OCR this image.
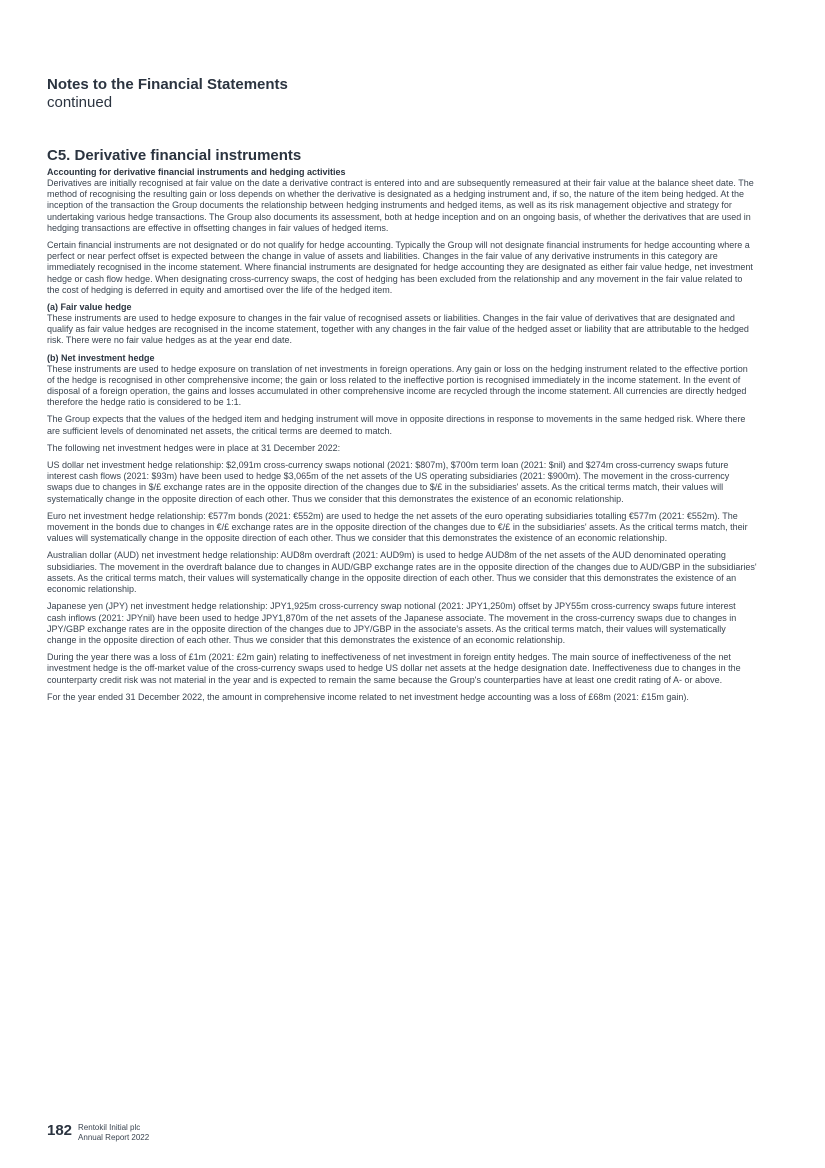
Notes to the Financial Statements
continued
C5. Derivative financial instruments
Accounting for derivative financial instruments and hedging activities

Derivatives are initially recognised at fair value on the date a derivative contract is entered into and are subsequently remeasured at their fair value at the balance sheet date. The method of recognising the resulting gain or loss depends on whether the derivative is designated as a hedging instrument and, if so, the nature of the item being hedged. At the inception of the transaction the Group documents the relationship between hedging instruments and hedged items, as well as its risk management objective and strategy for undertaking various hedge transactions. The Group also documents its assessment, both at hedge inception and on an ongoing basis, of whether the derivatives that are used in hedging transactions are effective in offsetting changes in fair values of hedged items.

Certain financial instruments are not designated or do not qualify for hedge accounting. Typically the Group will not designate financial instruments for hedge accounting where a perfect or near perfect offset is expected between the change in value of assets and liabilities. Changes in the fair value of any derivative instruments in this category are immediately recognised in the income statement. Where financial instruments are designated for hedge accounting they are designated as either fair value hedge, net investment hedge or cash flow hedge. When designating cross-currency swaps, the cost of hedging has been excluded from the relationship and any movement in the fair value related to the cost of hedging is deferred in equity and amortised over the life of the hedged item.

(a) Fair value hedge

These instruments are used to hedge exposure to changes in the fair value of recognised assets or liabilities. Changes in the fair value of derivatives that are designated and qualify as fair value hedges are recognised in the income statement, together with any changes in the fair value of the hedged asset or liability that are attributable to the hedged risk. There were no fair value hedges as at the year end date.

(b) Net investment hedge

These instruments are used to hedge exposure on translation of net investments in foreign operations. Any gain or loss on the hedging instrument related to the effective portion of the hedge is recognised in other comprehensive income; the gain or loss related to the ineffective portion is recognised immediately in the income statement. In the event of disposal of a foreign operation, the gains and losses accumulated in other comprehensive income are recycled through the income statement. All currencies are directly hedged therefore the hedge ratio is considered to be 1:1.

The Group expects that the values of the hedged item and hedging instrument will move in opposite directions in response to movements in the same hedged risk. Where there are sufficient levels of denominated net assets, the critical terms are deemed to match.

The following net investment hedges were in place at 31 December 2022:

US dollar net investment hedge relationship: $2,091m cross-currency swaps notional (2021: $807m), $700m term loan (2021: $nil) and $274m cross-currency swaps future interest cash flows (2021: $93m) have been used to hedge $3,065m of the net assets of the US operating subsidiaries (2021: $900m). The movement in the cross-currency swaps due to changes in $/£ exchange rates are in the opposite direction of the changes due to $/£ in the subsidiaries' assets. As the critical terms match, their values will systematically change in the opposite direction of each other. Thus we consider that this demonstrates the existence of an economic relationship.

Euro net investment hedge relationship: €577m bonds (2021: €552m) are used to hedge the net assets of the euro operating subsidiaries totalling €577m (2021: €552m). The movement in the bonds due to changes in €/£ exchange rates are in the opposite direction of the changes due to €/£ in the subsidiaries' assets. As the critical terms match, their values will systematically change in the opposite direction of each other. Thus we consider that this demonstrates the existence of an economic relationship.

Australian dollar (AUD) net investment hedge relationship: AUD8m overdraft (2021: AUD9m) is used to hedge AUD8m of the net assets of the AUD denominated operating subsidiaries. The movement in the overdraft balance due to changes in AUD/GBP exchange rates are in the opposite direction of the changes due to AUD/GBP in the subsidiaries' assets. As the critical terms match, their values will systematically change in the opposite direction of each other. Thus we consider that this demonstrates the existence of an economic relationship.

Japanese yen (JPY) net investment hedge relationship: JPY1,925m cross-currency swap notional (2021: JPY1,250m) offset by JPY55m cross-currency swaps future interest cash inflows (2021: JPYnil) have been used to hedge JPY1,870m of the net assets of the Japanese associate. The movement in the cross-currency swaps due to changes in JPY/GBP exchange rates are in the opposite direction of the changes due to JPY/GBP in the associate's assets. As the critical terms match, their values will systematically change in the opposite direction of each other. Thus we consider that this demonstrates the existence of an economic relationship.

During the year there was a loss of £1m (2021: £2m gain) relating to ineffectiveness of net investment in foreign entity hedges. The main source of ineffectiveness of the net investment hedge is the off-market value of the cross-currency swaps used to hedge US dollar net assets at the hedge designation date. Ineffectiveness due to changes in the counterparty credit risk was not material in the year and is expected to remain the same because the Group's counterparties have at least one credit rating of A- or above.

For the year ended 31 December 2022, the amount in comprehensive income related to net investment hedge accounting was a loss of £68m (2021: £15m gain).

182 Rentokil Initial plc
Annual Report 2022
